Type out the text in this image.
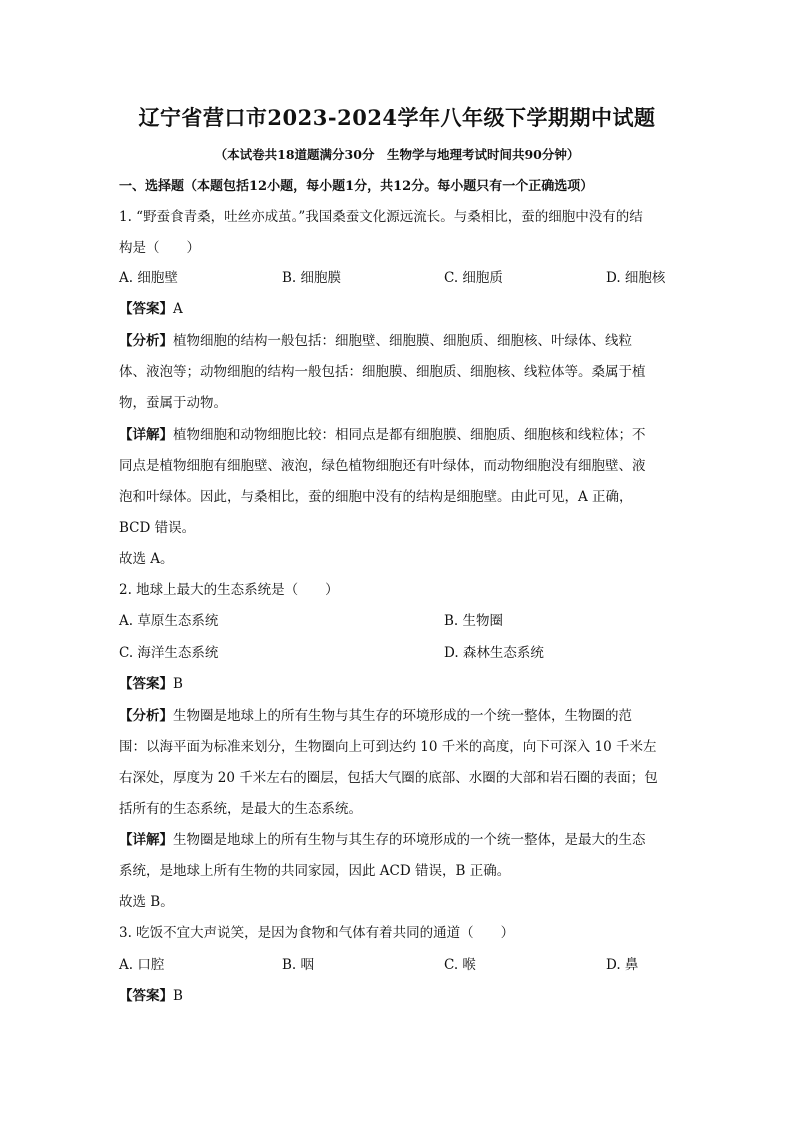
辽宁省营口市2023-2024学年八年级下学期期中试题
（本试卷共18道题满分30分　生物学与地理考试时间共90分钟）
一、选择题（本题包括12小题，每小题1分，共12分。每小题只有一个正确选项）
1. “野蚕食青桑，吐丝亦成茧。”我国桑蚕文化源远流长。与桑相比，蚕的细胞中没有的结
构是（　　）
A. 细胞壁	B. 细胞膜	C. 细胞质	D. 细胞核
【答案】A
【分析】植物细胞的结构一般包括：细胞壁、细胞膜、细胞质、细胞核、叶绿体、线粒
体、液泡等；动物细胞的结构一般包括：细胞膜、细胞质、细胞核、线粒体等。桑属于植
物，蚕属于动物。
【详解】植物细胞和动物细胞比较：相同点是都有细胞膜、细胞质、细胞核和线粒体；不
同点是植物细胞有细胞壁、液泡，绿色植物细胞还有叶绿体，而动物细胞没有细胞壁、液
泡和叶绿体。因此，与桑相比，蚕的细胞中没有的结构是细胞壁。由此可见，A 正确，
BCD 错误。
故选 A。
2. 地球上最大的生态系统是（　　）
A. 草原生态系统	B. 生物圈
C. 海洋生态系统	D. 森林生态系统
【答案】B
【分析】生物圈是地球上的所有生物与其生存的环境形成的一个统一整体，生物圈的范
围：以海平面为标准来划分，生物圈向上可到达约 10 千米的高度，向下可深入 10 千米左
右深处，厚度为 20 千米左右的圈层，包括大气圈的底部、水圈的大部和岩石圈的表面；包
括所有的生态系统，是最大的生态系统。
【详解】生物圈是地球上的所有生物与其生存的环境形成的一个统一整体，是最大的生态
系统，是地球上所有生物的共同家园，因此 ACD 错误，B 正确。
故选 B。
3. 吃饭不宜大声说笑，是因为食物和气体有着共同的通道（　　）
A. 口腔	B. 咽	C. 喉	D. 鼻
【答案】B
